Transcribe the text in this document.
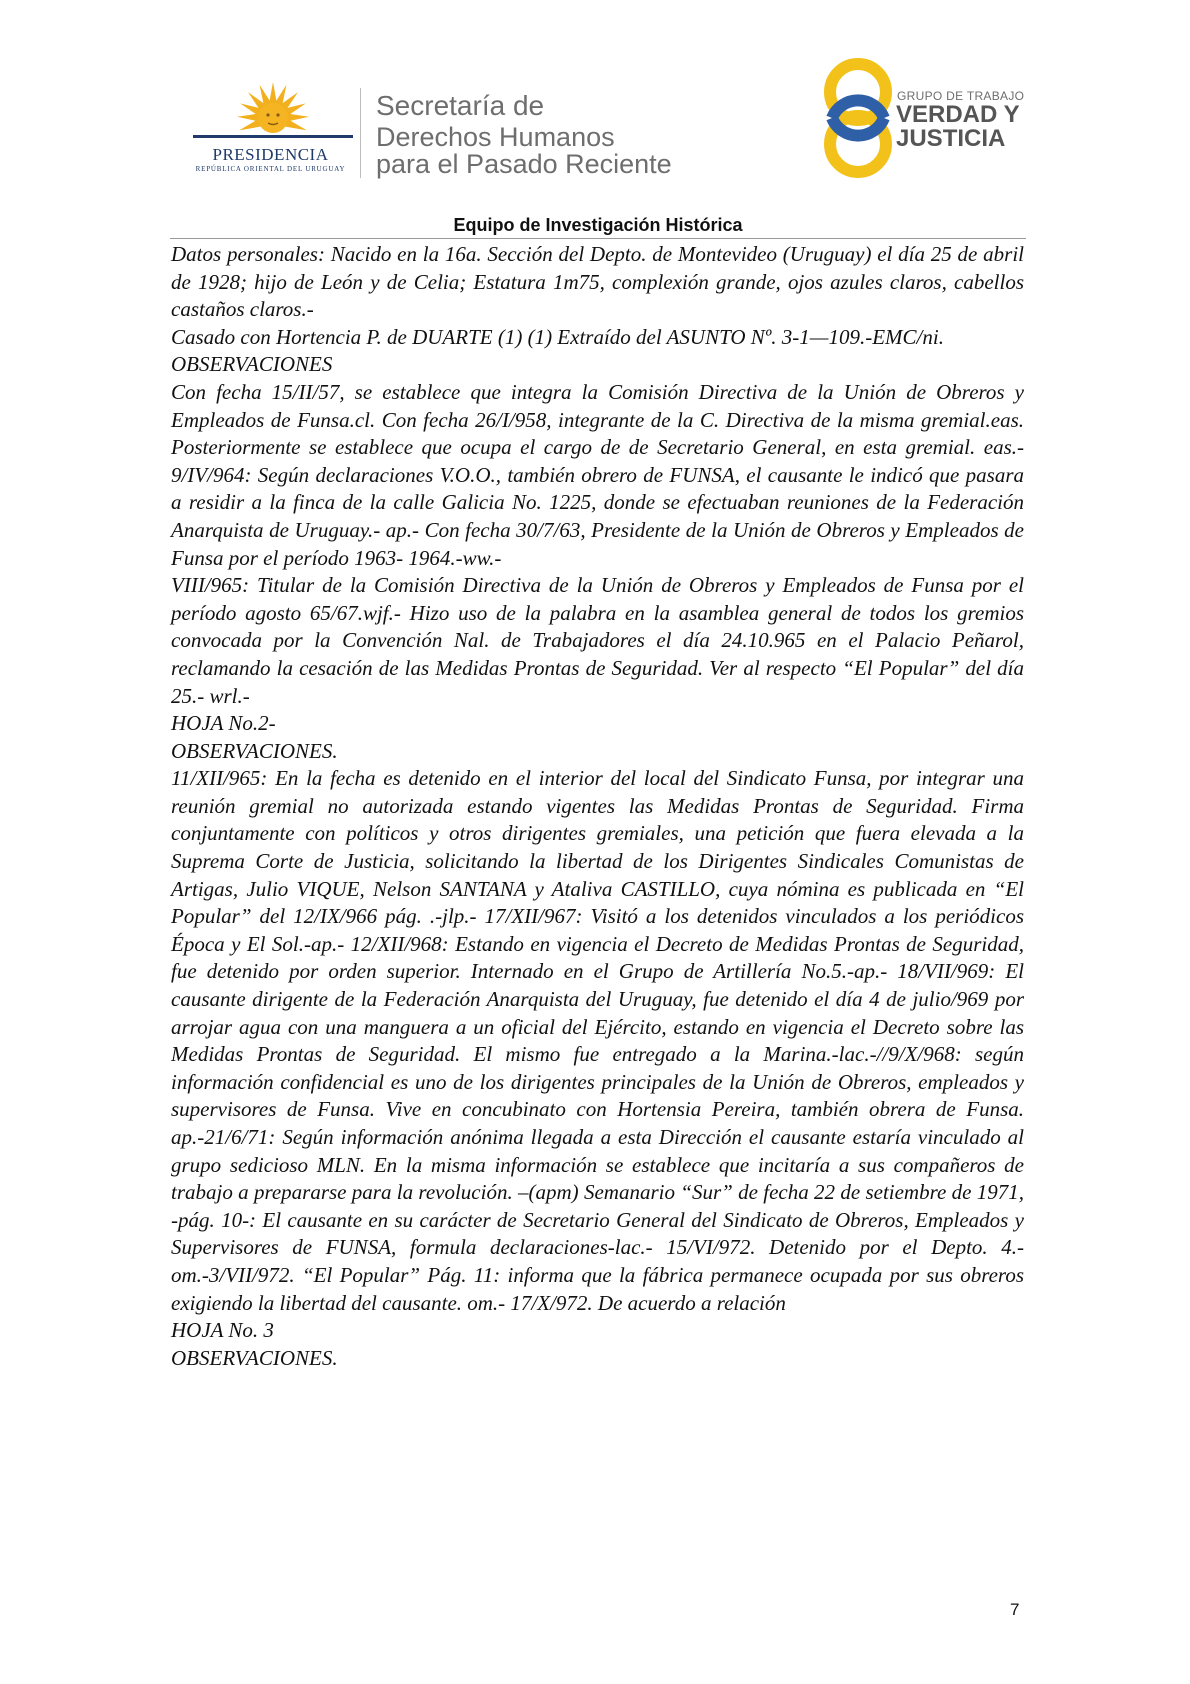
PRESIDENCIA
REPÚBLICA ORIENTAL DEL URUGUAY
Secretaría de
Derechos Humanos
para el Pasado Reciente
GRUPO DE TRABAJO
VERDAD Y
JUSTICIA
Equipo de Investigación Histórica

Datos personales: Nacido en la 16a. Sección del Depto. de Montevideo (Uruguay) el día 25 de abril de 1928; hijo de León y de Celia; Estatura 1m75, complexión grande, ojos azules claros, cabellos castaños claros.-

Casado con Hortencia P. de DUARTE (1) (1) Extraído del ASUNTO Nº. 3-1—109.-EMC/ni.

OBSERVACIONES

Con fecha 15/II/57, se establece que integra la Comisión Directiva de la Unión de Obreros y Empleados de Funsa.cl. Con fecha 26/I/958, integrante de la C. Directiva de la misma gremial.eas. Posteriormente se establece que ocupa el cargo de de Secretario General, en esta gremial. eas.- 9/IV/964: Según declaraciones V.O.O., también obrero de FUNSA, el causante le indicó que pasara a residir a la finca de la calle Galicia No. 1225, donde se efectuaban reuniones de la Federación Anarquista de Uruguay.- ap.- Con fecha 30/7/63, Presidente de la Unión de Obreros y Empleados de Funsa por el período 1963- 1964.-ww.-

VIII/965: Titular de la Comisión Directiva de la Unión de Obreros y Empleados de Funsa por el período agosto 65/67.wjf.- Hizo uso de la palabra en la asamblea general de todos los gremios convocada por la Convención Nal. de Trabajadores el día 24.10.965 en el Palacio Peñarol, reclamando la cesación de las Medidas Prontas de Seguridad. Ver al respecto “El Popular” del día 25.- wrl.-

HOJA No.2-

OBSERVACIONES.

11/XII/965: En la fecha es detenido en el interior del local del Sindicato Funsa, por integrar una reunión gremial no autorizada estando vigentes las Medidas Prontas de Seguridad. Firma conjuntamente con políticos y otros dirigentes gremiales, una petición que fuera elevada a la Suprema Corte de Justicia, solicitando la libertad de los Dirigentes Sindicales Comunistas de Artigas, Julio VIQUE, Nelson SANTANA y Ataliva CASTILLO, cuya nómina es publicada en “El Popular” del 12/IX/966 pág. .-jlp.- 17/XII/967: Visitó a los detenidos vinculados a los periódicos Época y El Sol.-ap.- 12/XII/968: Estando en vigencia el Decreto de Medidas Prontas de Seguridad, fue detenido por orden superior. Internado en el Grupo de Artillería No.5.-ap.- 18/VII/969: El causante dirigente de la Federación Anarquista del Uruguay, fue detenido el día 4 de julio/969 por arrojar agua con una manguera a un oficial del Ejército, estando en vigencia el Decreto sobre las Medidas Prontas de Seguridad. El mismo fue entregado a la Marina.-lac.-//9/X/968: según información confidencial es uno de los dirigentes principales de la Unión de Obreros, empleados y supervisores de Funsa. Vive en concubinato con Hortensia Pereira, también obrera de Funsa. ap.-21/6/71: Según información anónima llegada a esta Dirección el causante estaría vinculado al grupo sedicioso MLN. En la misma información se establece que incitaría a sus compañeros de trabajo a prepararse para la revolución. –(apm) Semanario “Sur” de fecha 22 de setiembre de 1971, -pág. 10-: El causante en su carácter de Secretario General del Sindicato de Obreros, Empleados y Supervisores de FUNSA, formula declaraciones-lac.- 15/VI/972. Detenido por el Depto. 4.-om.-3/VII/972. “El Popular” Pág. 11: informa que la fábrica permanece ocupada por sus obreros exigiendo la libertad del causante. om.- 17/X/972. De acuerdo a relación

HOJA No. 3

OBSERVACIONES.

7
